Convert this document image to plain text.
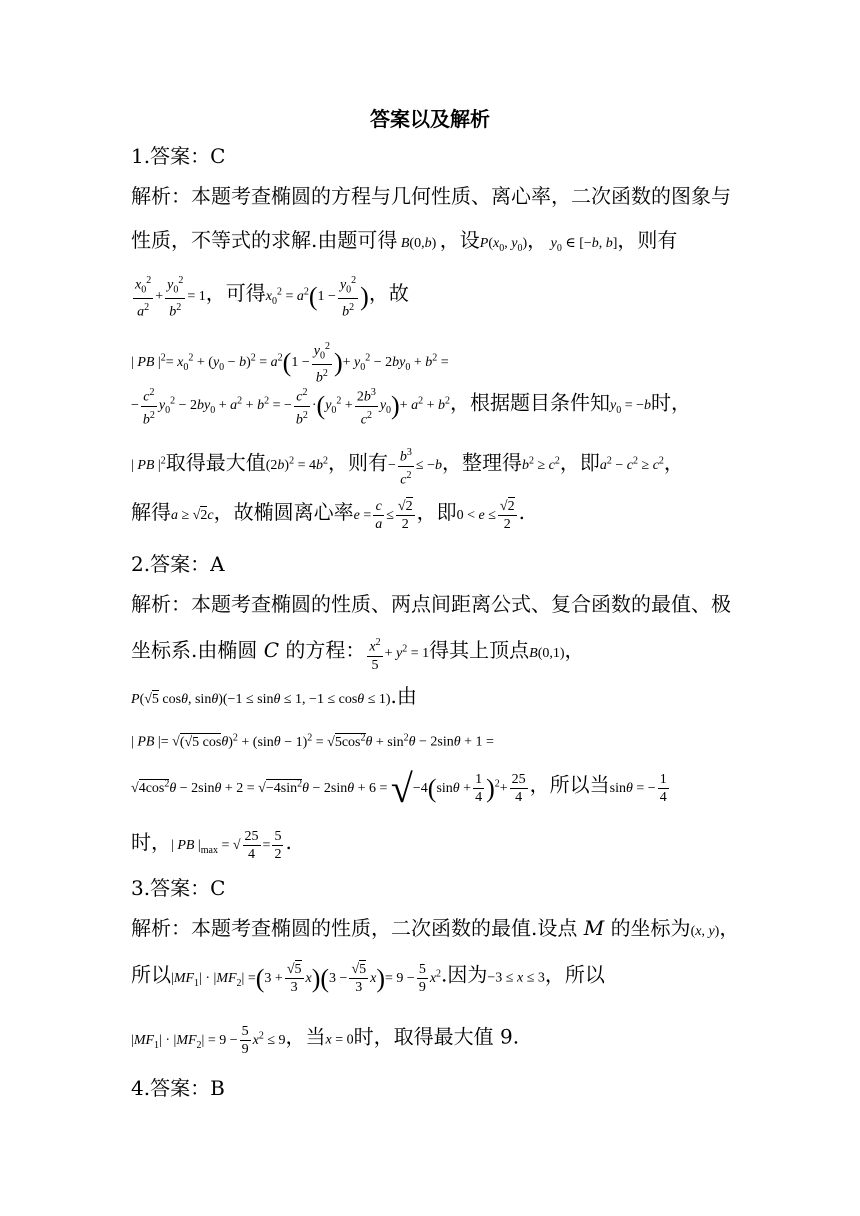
答案以及解析
1.答案：C
解析：本题考查椭圆的方程与几何性质、离心率，二次函数的图象与
性质，不等式的求解.由题可得 B(0,b) ，设$P(x_0$, $y_0$)， $y_0$ ∈ [−b, b]，则有
$\frac{x_0^2}{a^2} + \frac{y_0^2}{b^2} = 1$，可得$x_0^2 = a^2(1 - \frac{y_0^2}{b^2}$ )，故
| PB $|^2= x_0^2 + (y_0 - b)^2 = a^2(1 - \frac{y_0^2}{b^2}$ )+ $y_0^2 - 2by_0 + b^2$ =
− $\frac{c^2}{b^2} y_0^2 - 2by_0 + a^2 + b^2$ = − $\frac{c^2}{b^2} \cdot(y_0^2 + \frac{2b^3}{c^2} y_0)+ a^2 + b^2$，根据题目条件知$y_0 = -b$时，
| PB $|^2$取得最大值$(2b)^2 = 4b^2$，则有− $\frac{b^3}{c^2} \le -b$，整理得$b^2 \ge c^2$，即$a^2 - c^2 \ge c^2$，
解得a ≥ √2c，故椭圆离心率$e = \frac{c}{a} \le \frac{√2}{2}$ ，即$0 < e \le \frac{√2}{2}$ .
2.答案：A
解析：本题考查椭圆的性质、两点间距离公式、复合函数的最值、极
坐标系.由椭圆 C 的方程： $\frac{x^2}{5} + y^2 = 1$得其上顶点B(0,1)，
P(√5 cosθ, sinθ)(−1 ≤ sinθ ≤ 1, −1 ≤ cosθ ≤ 1).由
| PB |= √(√5 $\cos\theta)^2 + (\sin\theta - 1)^2 = √5\cos^2\theta + \sin^2\theta - 2\sin\theta + 1$ =
$√4\cos^2\theta - 2\sin\theta + 2 = √-4\sin^2\theta - 2\sin\theta + 6 = √-4(\sin\theta + \frac{1}{4} )^2+ \frac{25}{4}$ ，所以当sinθ = − $\frac{1}{4}$
时，| PB $|_{max}$ = √ $\frac{25}{4} = \frac{5}{2}$ .
3.答案：C
解析：本题考查椭圆的性质，二次函数的最值.设点 M 的坐标为(x, y)，
所以$|MF_1| \cdot |MF_2| =(3 + \frac{√5}{3} x)(3 - \frac{√5}{3} x)= 9 - \frac{5}{9} x^2$.因为−3 ≤ x ≤ 3，所以
$|MF_1| \cdot |MF_2| = 9 - \frac{5}{9} x^2 \le 9$，当x = 0时，取得最大值 9.
4.答案：B
